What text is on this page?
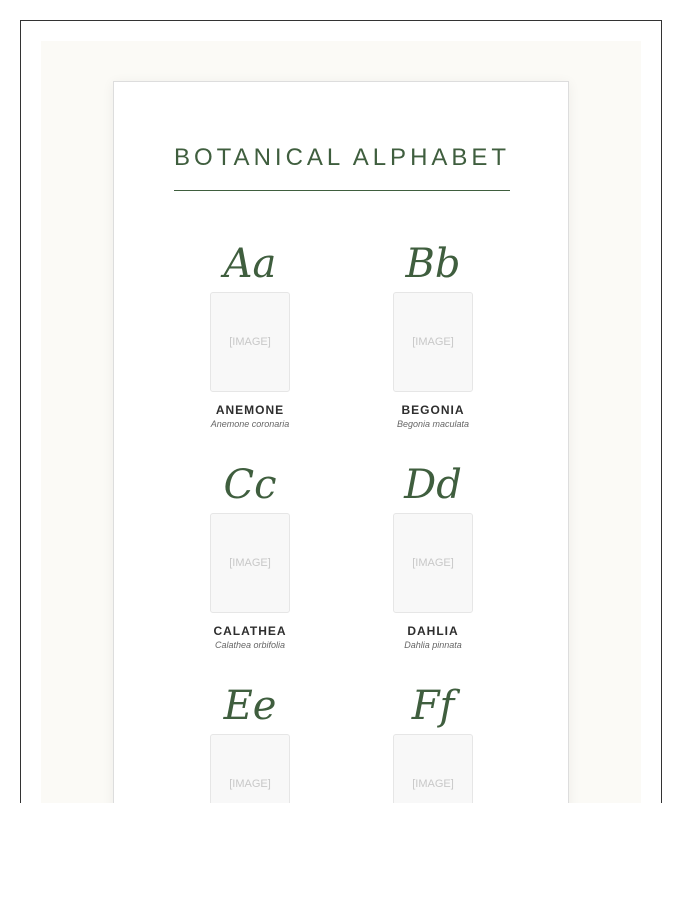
BOTANICAL ALPHABET
Aa
[IMAGE]
ANEMONE
Anemone coronaria
Bb
[IMAGE]
BEGONIA
Begonia maculata
Cc
[IMAGE]
CALATHEA
Calathea orbifolia
Dd
[IMAGE]
DAHLIA
Dahlia pinnata
Ee
[IMAGE]
Ff
[IMAGE]
